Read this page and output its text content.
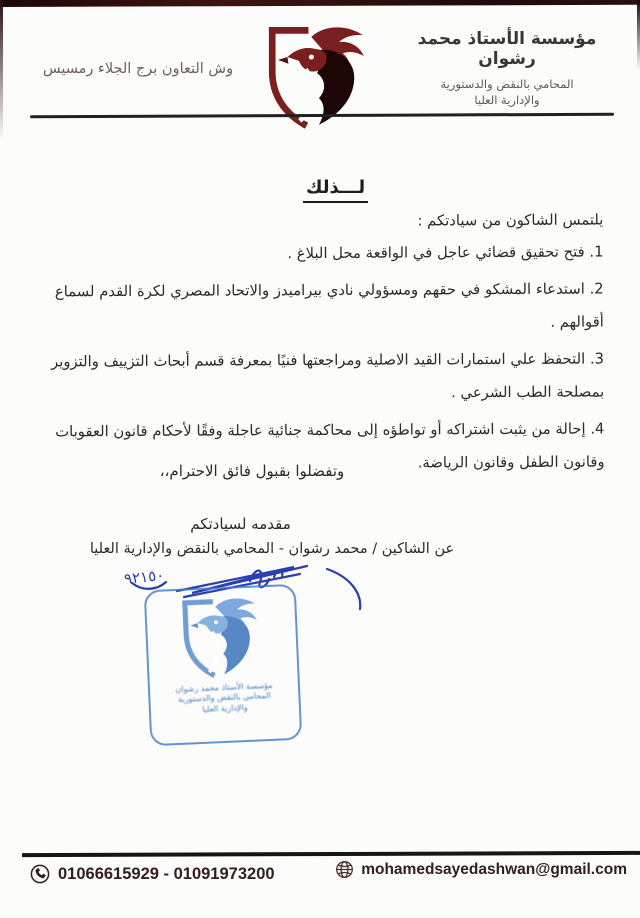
مؤسسة الأستاذ محمد رشوان
المحامي بالنقض والدستورية
والإدارية العليا
وش التعاون برج الجلاء رمسيس
لـــذلك

يلتمس الشاكون من سيادتكم :

1. فتح تحقيق قضائي عاجل في الواقعة محل البلاغ .

2. استدعاء المشكو في حقهم ومسؤولي نادي بيراميدز والاتحاد المصري لكرة القدم لسماع أقوالهم .

3. التحفظ علي استمارات القيد الاصلية ومراجعتها فنيًا بمعرفة قسم أبحاث التزييف والتزوير بمصلحة الطب الشرعي .

4. إحالة من يثبت اشتراكه أو تواطؤه إلى محاكمة جنائية عاجلة وفقًا لأحكام قانون العقوبات وقانون الطفل وقانون الرياضة.

وتفضلوا بقبول فائق الاحترام،،
مقدمه لسيادتكم
عن الشاكين / محمد رشوان - المحامي بالنقض والإدارية العليا
٩٢١٥٠
مؤسسة الأستاذ محمد رشوان
المحامي بالنقض والدستورية
والإدارية العليا
01066615929 - 01091973200	mohamedsayedashwan@gmail.com
